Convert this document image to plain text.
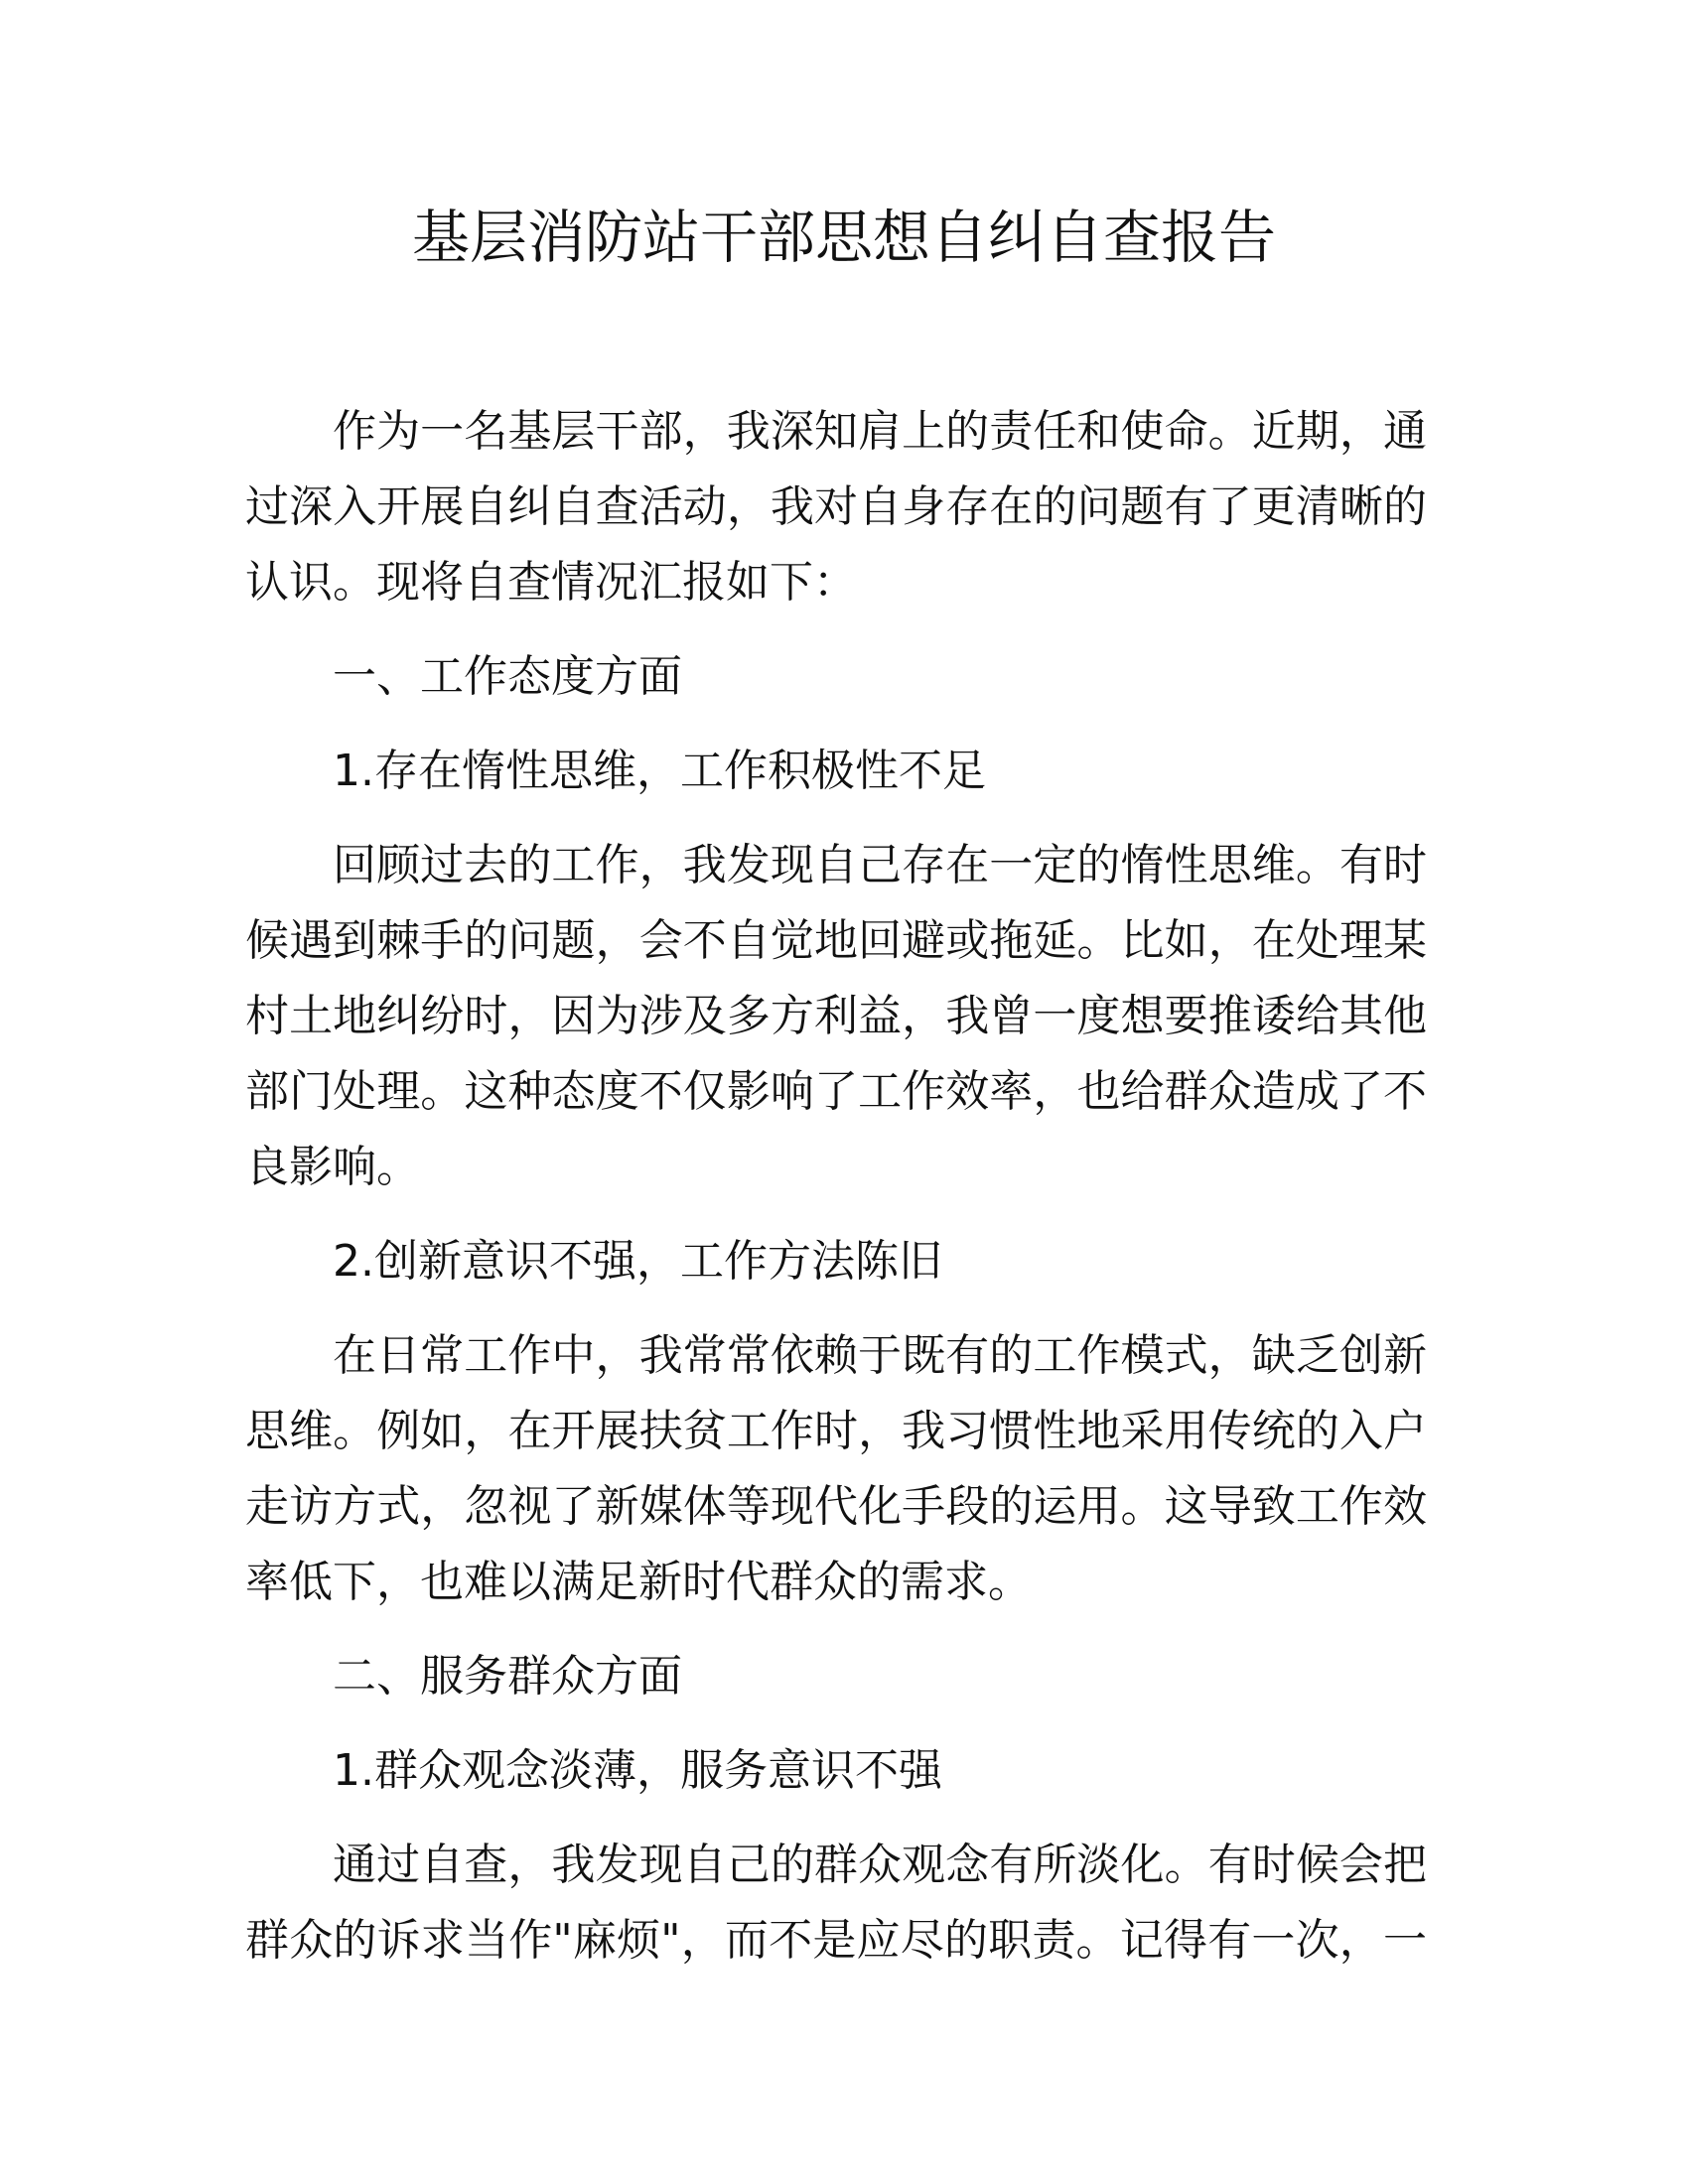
基层消防站干部思想自纠自查报告
作为一名基层干部，我深知肩上的责任和使命。近期，通
过深入开展自纠自查活动，我对自身存在的问题有了更清晰的
认识。现将自查情况汇报如下：
一、工作态度方面
1.存在惰性思维，工作积极性不足
回顾过去的工作，我发现自己存在一定的惰性思维。有时
候遇到棘手的问题，会不自觉地回避或拖延。比如，在处理某
村土地纠纷时，因为涉及多方利益，我曾一度想要推诿给其他
部门处理。这种态度不仅影响了工作效率，也给群众造成了不
良影响。
2.创新意识不强，工作方法陈旧
在日常工作中，我常常依赖于既有的工作模式，缺乏创新
思维。例如，在开展扶贫工作时，我习惯性地采用传统的入户
走访方式，忽视了新媒体等现代化手段的运用。这导致工作效
率低下，也难以满足新时代群众的需求。
二、服务群众方面
1.群众观念淡薄，服务意识不强
通过自查，我发现自己的群众观念有所淡化。有时候会把
群众的诉求当作"麻烦"，而不是应尽的职责。记得有一次，一
